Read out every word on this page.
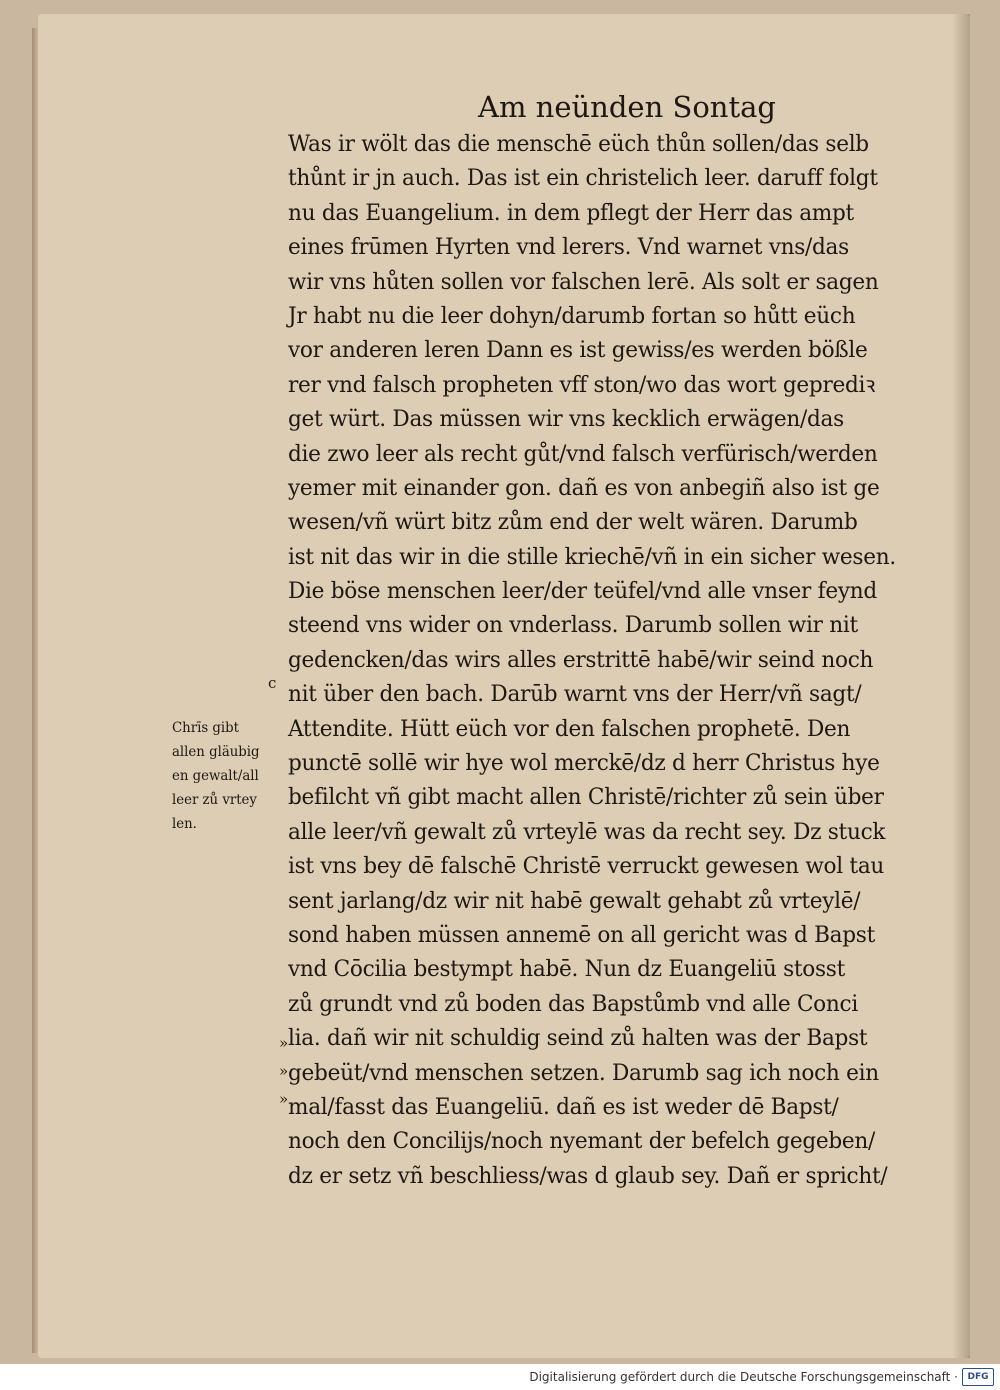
Am neünden Sontag
Was ir wölt das die menschē eüch thůn sollen/das selb
thůnt ir jn auch. Das ist ein christelich leer. daruff folgt
nu das Euangelium. in dem pflegt der Herr das ampt
eines frūmen Hyrten vnd lerers. Vnd warnet vns/das
wir vns hůten sollen vor falschen lerē. Als solt er sagen
Jr habt nu die leer dohyn/darumb fortan so hůtt eüch
vor anderen leren Dann es ist gewiss/es werden bößle
rer vnd falsch propheten vff ston/wo das wort geprediꝛ
get würt. Das müssen wir vns kecklich erwägen/das
die zwo leer als recht gůt/vnd falsch verfürisch/werden
yemer mit einander gon. dañ es von anbegiñ also ist ge
wesen/vñ würt bitz zům end der welt wären. Darumb
ist nit das wir in die stille kriechē/vñ in ein sicher wesen.
Die böse menschen leer/der teüfel/vnd alle vnser feynd
steend vns wider on vnderlass. Darumb sollen wir nit
gedencken/das wirs alles erstrittē habē/wir seind noch
nit über den bach. Darūb warnt vns der Herr/vñ sagt/
Attendite. Hütt eüch vor den falschen prophetē. Den
punctē sollē wir hye wol merckē/dz d herr Christus hye
befilcht vñ gibt macht allen Christē/richter zů sein über
alle leer/vñ gewalt zů vrteylē was da recht sey. Dz stuck
ist vns bey dē falschē Christē verruckt gewesen wol tau
sent jarlang/dz wir nit habē gewalt gehabt zů vrteylē/
sond haben müssen annemē on all gericht was d Bapst
vnd Cōcilia bestympt habē. Nun dz Euangeliū stosst
zů grundt vnd zů boden das Bapstůmb vnd alle Conci
lia. dañ wir nit schuldig seind zů halten was der Bapst
gebeüt/vnd menschen setzen. Darumb sag ich noch ein
mal/fasst das Euangeliū. dañ es ist weder dē Bapst/
noch den Concilijs/noch nyemant der befelch gegeben/
dz er setz vñ beschliess/was d glaub sey. Dañ er spricht/
Chrīs gibt
allen gläubig
en gewalt/all
leer zů vrtey
len.
c
»
»
»
Digitalisierung gefördert durch die Deutsche Forschungsgemeinschaft ·	DFG
